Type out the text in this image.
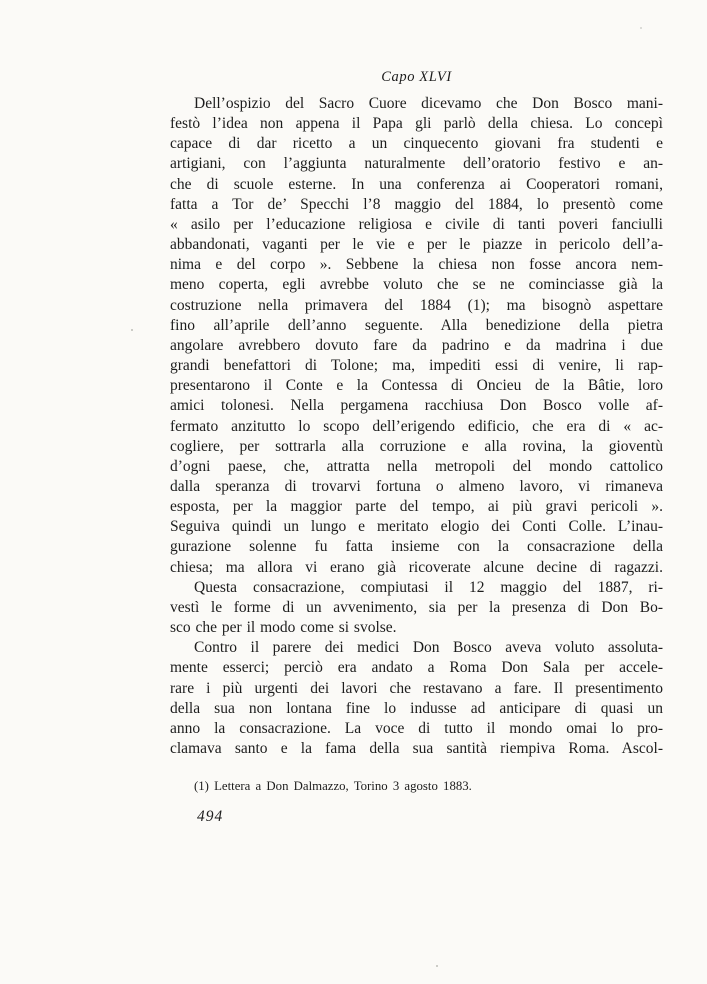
Capo XLVI
Dell’ospizio del Sacro Cuore dicevamo che Don Bosco mani-
festò l’idea non appena il Papa gli parlò della chiesa. Lo concepì
capace di dar ricetto a un cinquecento giovani fra studenti e
artigiani, con l’aggiunta naturalmente dell’oratorio festivo e an-
che di scuole esterne. In una conferenza ai Cooperatori romani,
fatta a Tor de’ Specchi l’8 maggio del 1884, lo presentò come
« asilo per l’educazione religiosa e civile di tanti poveri fanciulli
abbandonati, vaganti per le vie e per le piazze in pericolo dell’a-
nima e del corpo ». Sebbene la chiesa non fosse ancora nem-
meno coperta, egli avrebbe voluto che se ne cominciasse già la
costruzione nella primavera del 1884 (1); ma bisognò aspettare
fino all’aprile dell’anno seguente. Alla benedizione della pietra
angolare avrebbero dovuto fare da padrino e da madrina i due
grandi benefattori di Tolone; ma, impediti essi di venire, li rap-
presentarono il Conte e la Contessa di Oncieu de la Bâtie, loro
amici tolonesi. Nella pergamena racchiusa Don Bosco volle af-
fermato anzitutto lo scopo dell’erigendo edificio, che era di « ac-
cogliere, per sottrarla alla corruzione e alla rovina, la gioventù
d’ogni paese, che, attratta nella metropoli del mondo cattolico
dalla speranza di trovarvi fortuna o almeno lavoro, vi rimaneva
esposta, per la maggior parte del tempo, ai più gravi pericoli ».
Seguiva quindi un lungo e meritato elogio dei Conti Colle. L’inau-
gurazione solenne fu fatta insieme con la consacrazione della
chiesa; ma allora vi erano già ricoverate alcune decine di ragazzi.
Questa consacrazione, compiutasi il 12 maggio del 1887, ri-
vestì le forme di un avvenimento, sia per la presenza di Don Bo-
sco che per il modo come si svolse.
Contro il parere dei medici Don Bosco aveva voluto assoluta-
mente esserci; perciò era andato a Roma Don Sala per accele-
rare i più urgenti dei lavori che restavano a fare. Il presentimento
della sua non lontana fine lo indusse ad anticipare di quasi un
anno la consacrazione. La voce di tutto il mondo omai lo pro-
clamava santo e la fama della sua santità riempiva Roma. Ascol-
(1) Lettera a Don Dalmazzo, Torino 3 agosto 1883.
494
